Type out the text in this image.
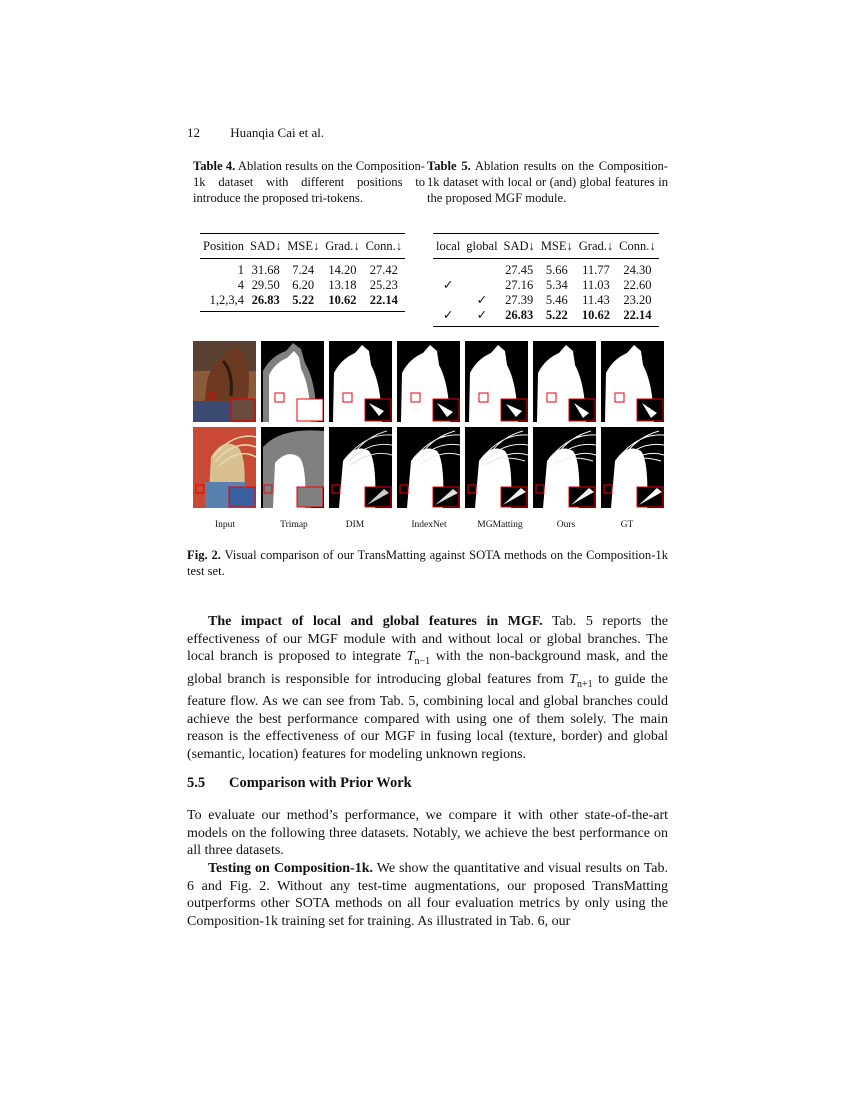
12 Huanqia Cai et al.
Table 4. Ablation results on the Composition-1k dataset with different positions to introduce the proposed tri-tokens.
Table 5. Ablation results on the Composition-1k dataset with local or (and) global features in the proposed MGF module.
Position	SAD↓	MSE↓	Grad.↓	Conn.↓
1	31.68	7.24	14.20	27.42
4	29.50	6.20	13.18	25.23
1,2,3,4	26.83	5.22	10.62	22.14
local	global	SAD↓	MSE↓	Grad.↓	Conn.↓
		27.45	5.66	11.77	24.30
✓		27.16	5.34	11.03	22.60
	✓	27.39	5.46	11.43	23.20
✓	✓	26.83	5.22	10.62	22.14
Input	Trimap	DIM	IndexNet	MGMatting	Ours	GT
Fig. 2. Visual comparison of our TransMatting against SOTA methods on the Composition-1k test set.
The impact of local and global features in MGF. Tab. 5 reports the effectiveness of our MGF module with and without local or global branches. The local branch is proposed to integrate $T_{n-1}$ with the non-background mask, and the global branch is responsible for introducing global features from $T_{n+1}$ to guide the feature flow. As we can see from Tab. 5, combining local and global branches could achieve the best performance compared with using one of them solely. The main reason is the effectiveness of our MGF in fusing local (texture, border) and global (semantic, location) features for modeling unknown regions.
5.5 Comparison with Prior Work
To evaluate our method’s performance, we compare it with other state-of-the-art models on the following three datasets. Notably, we achieve the best performance on all three datasets.
Testing on Composition-1k. We show the quantitative and visual results on Tab. 6 and Fig. 2. Without any test-time augmentations, our proposed TransMatting outperforms other SOTA methods on all four evaluation metrics by only using the Composition-1k training set for training. As illustrated in Tab. 6, our
